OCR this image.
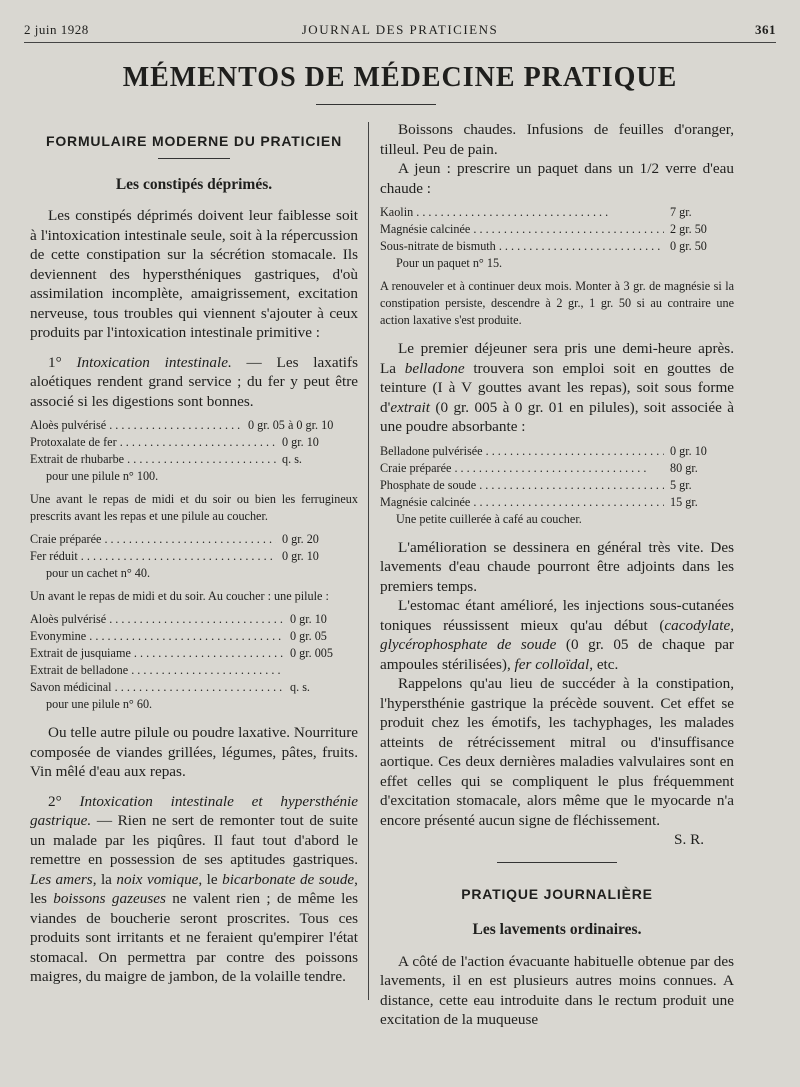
2 juin 1928	JOURNAL DES PRATICIENS	361
MÉMENTOS DE MÉDECINE PRATIQUE
FORMULAIRE MODERNE DU PRATICIEN
Les constipés déprimés.

Les constipés déprimés doivent leur faiblesse soit à l'intoxication intestinale seule, soit à la répercussion de cette constipation sur la sécrétion stomacale. Ils deviennent des hypersthéniques gastriques, d'où assimilation incomplète, amaigrissement, excitation nerveuse, tous troubles qui viennent s'ajouter à ceux produits par l'intoxication intestinale primitive :

1° Intoxication intestinale. — Les laxatifs aloétiques rendent grand service ; du fer y peut être associé si les digestions sont bonnes.

Aloès pulvérisé . . .	0 gr. 05 à 0 gr. 10
Protoxalate de fer . . .	0 gr. 10
Extrait de rhubarbe . . .	q. s.
pour une pilule n° 100.

Une avant le repas de midi et du soir ou bien les ferrugineux prescrits avant les repas et une pilule au coucher.

Craie préparée . . .	0 gr. 20
Fer réduit . . .	0 gr. 10
pour un cachet n° 40.

Un avant le repas de midi et du soir. Au coucher : une pilule :

Aloès pulvérisé . . .	0 gr. 10
Evonymine . . .	0 gr. 05
Extrait de jusquiame . . .	0 gr. 005
Extrait de belladone . . .
Savon médicinal . . .	q. s.
pour une pilule n° 60.

Ou telle autre pilule ou poudre laxative. Nourriture composée de viandes grillées, légumes, pâtes, fruits. Vin mêlé d'eau aux repas.

2° Intoxication intestinale et hypersthénie gastrique. — Rien ne sert de remonter tout de suite un malade par les piqûres. Il faut tout d'abord le remettre en possession de ses aptitudes gastriques. Les amers, la noix vomique, le bicarbonate de soude, les boissons gazeuses ne valent rien ; de même les viandes de boucherie seront proscrites. Tous ces produits sont irritants et ne feraient qu'empirer l'état stomacal. On permettra par contre des poissons maigres, du maigre de jambon, de la volaille tendre.

Boissons chaudes. Infusions de feuilles d'oranger, tilleul. Peu de pain.

A jeun : prescrire un paquet dans un 1/2 verre d'eau chaude :

Kaolin . . .	7 gr.
Magnésie calcinée . . .	2 gr. 50
Sous-nitrate de bismuth . . .	0 gr. 50
Pour un paquet n° 15.

A renouveler et à continuer deux mois. Monter à 3 gr. de magnésie si la constipation persiste, descendre à 2 gr., 1 gr. 50 si au contraire une action laxative s'est produite.

Le premier déjeuner sera pris une demi-heure après. La belladone trouvera son emploi soit en gouttes de teinture (I à V gouttes avant les repas), soit sous forme d'extrait (0 gr. 005 à 0 gr. 01 en pilules), soit associée à une poudre absorbante :

Belladone pulvérisée . . .	0 gr. 10
Craie préparée . . .	80 gr.
Phosphate de soude . . .	5 gr.
Magnésie calcinée . . .	15 gr.
Une petite cuillerée à café au coucher.

L'amélioration se dessinera en général très vite. Des lavements d'eau chaude pourront être adjoints dans les premiers temps.

L'estomac étant amélioré, les injections sous-cutanées toniques réussissent mieux qu'au début (cacodylate, glycérophosphate de soude (0 gr. 05 de chaque par ampoules stérilisées), fer colloïdal, etc.

Rappelons qu'au lieu de succéder à la constipation, l'hypersthénie gastrique la précède souvent. Cet effet se produit chez les émotifs, les tachyphages, les malades atteints de rétrécissement mitral ou d'insuffisance aortique. Ces deux dernières maladies valvulaires sont en effet celles qui se compliquent le plus fréquemment d'excitation stomacale, alors même que le myocarde n'a encore présenté aucun signe de fléchissement.

S. R.
PRATIQUE JOURNALIÈRE
Les lavements ordinaires.

A côté de l'action évacuante habituelle obtenue par des lavements, il en est plusieurs autres moins connues. A distance, cette eau introduite dans le rectum produit une excitation de la muqueuse
